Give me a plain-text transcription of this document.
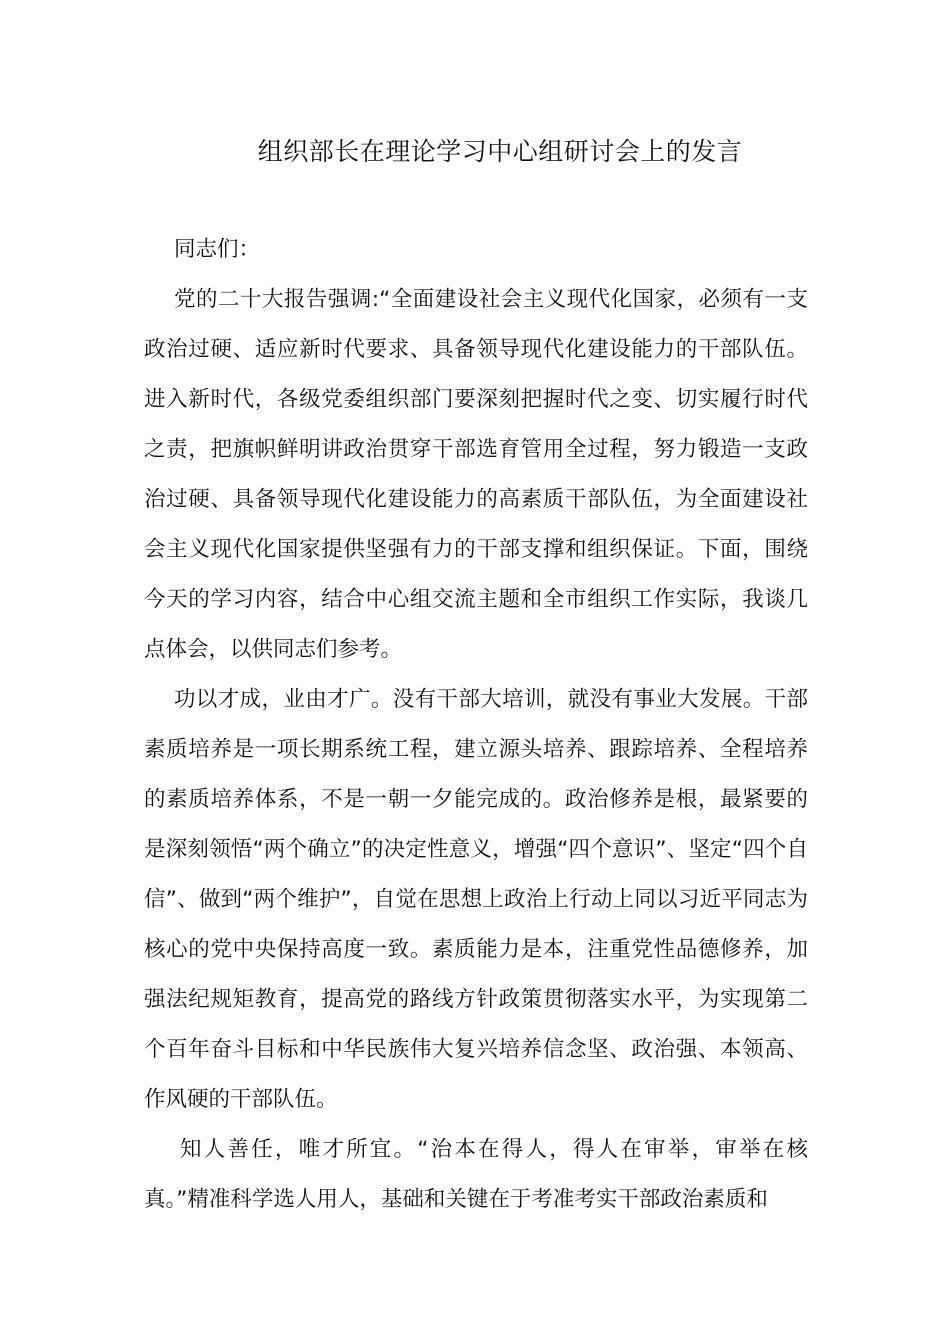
组织部长在理论学习中心组研讨会上的发言

同志们：

党的二十大报告强调:“全面建设社会主义现代化国家，必须有一支政治过硬、适应新时代要求、具备领导现代化建设能力的干部队伍。进入新时代，各级党委组织部门要深刻把握时代之变、切实履行时代之责，把旗帜鲜明讲政治贯穿干部选育管用全过程，努力锻造一支政治过硬、具备领导现代化建设能力的高素质干部队伍，为全面建设社会主义现代化国家提供坚强有力的干部支撑和组织保证。下面，围绕今天的学习内容，结合中心组交流主题和全市组织工作实际，我谈几点体会，以供同志们参考。

功以才成，业由才广。没有干部大培训，就没有事业大发展。干部素质培养是一项长期系统工程，建立源头培养、跟踪培养、全程培养的素质培养体系，不是一朝一夕能完成的。政治修养是根，最紧要的是深刻领悟“两个确立”的决定性意义，增强“四个意识”、坚定“四个自信”、做到“两个维护”，自觉在思想上政治上行动上同以习近平同志为核心的党中央保持高度一致。素质能力是本，注重党性品德修养，加强法纪规矩教育，提高党的路线方针政策贯彻落实水平，为实现第二个百年奋斗目标和中华民族伟大复兴培养信念坚、政治强、本领高、作风硬的干部队伍。

知人善任，唯才所宜。“治本在得人，得人在审举，审举在核真。”精准科学选人用人，基础和关键在于考准考实干部政治素质和
